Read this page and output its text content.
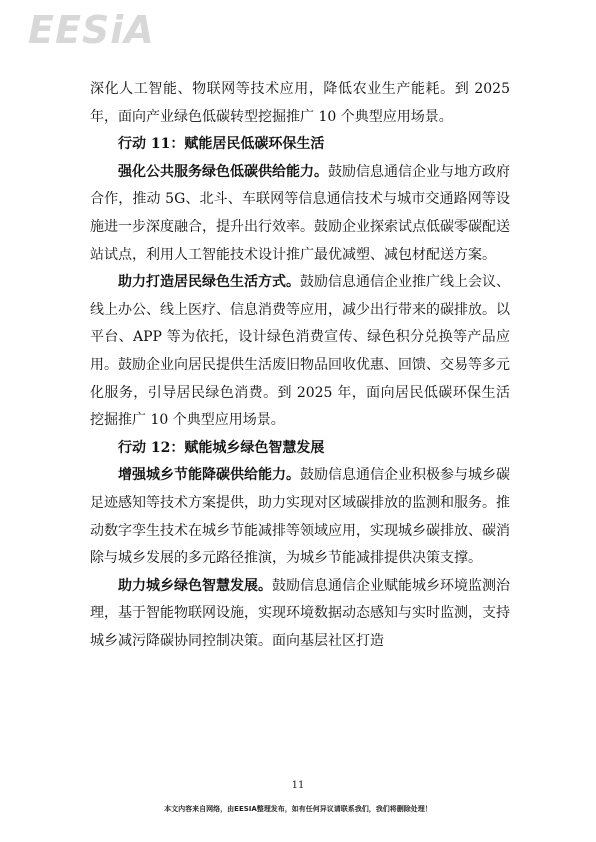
EESiA

深化人工智能、物联网等技术应用，降低农业生产能耗。到 2025 年，面向产业绿色低碳转型挖掘推广 10 个典型应用场景。

行动 11：赋能居民低碳环保生活

强化公共服务绿色低碳供给能力。鼓励信息通信企业与地方政府合作，推动 5G、北斗、车联网等信息通信技术与城市交通路网等设施进一步深度融合，提升出行效率。鼓励企业探索试点低碳零碳配送站试点，利用人工智能技术设计推广最优减塑、减包材配送方案。

助力打造居民绿色生活方式。鼓励信息通信企业推广线上会议、线上办公、线上医疗、信息消费等应用，减少出行带来的碳排放。以平台、APP 等为依托，设计绿色消费宣传、绿色积分兑换等产品应用。鼓励企业向居民提供生活废旧物品回收优惠、回馈、交易等多元化服务，引导居民绿色消费。到 2025 年，面向居民低碳环保生活挖掘推广 10 个典型应用场景。

行动 12：赋能城乡绿色智慧发展

增强城乡节能降碳供给能力。鼓励信息通信企业积极参与城乡碳足迹感知等技术方案提供，助力实现对区域碳排放的监测和服务。推动数字孪生技术在城乡节能减排等领域应用，实现城乡碳排放、碳消除与城乡发展的多元路径推演，为城乡节能减排提供决策支撑。

助力城乡绿色智慧发展。鼓励信息通信企业赋能城乡环境监测治理，基于智能物联网设施，实现环境数据动态感知与实时监测，支持城乡减污降碳协同控制决策。面向基层社区打造

11
本文内容来自网络，由EESIA整理发布，如有任何异议请联系我们，我们将删除处理！
